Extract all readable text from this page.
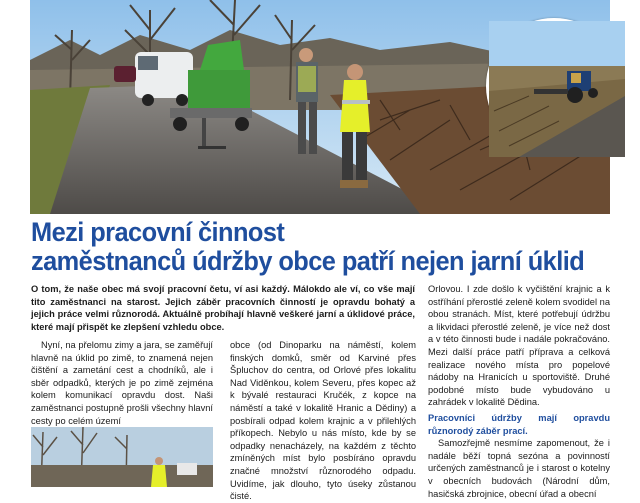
Mezi pracovní činnost
zaměstnanců údržby obce patří nejen jarní úklid

O tom, že naše obec má svojí pracovní četu, ví asi každý. Málokdo ale ví, co vše mají tito zaměstnanci na starost. Jejich záběr pracovních činností je opravdu bohatý a jejich práce velmi různorodá. Aktuálně probíhají hlavně veškeré jarní a úklidové práce, které mají přispět ke zlepšení vzhledu obce.

Nyní, na přelomu zimy a jara, se zaměřují hlavně na úklid po zimě, to znamená nejen čištění a zametání cest a chodníků, ale i sběr odpadků, kterých je po zimě zejména kolem komunikací opravdu dost. Naši zaměstnanci postupně prošli všechny hlavní cesty po celém území

obce (od Dinoparku na náměstí, kolem finských domků, směr od Karviné přes Špluchov do centra, od Orlové přes lokalitu Nad Viděnkou, kolem Severu, přes kopec až k bývalé restauraci Kručék, z kopce na náměstí a také v lokalitě Hranic a Dědiny) a posbírali odpad kolem krajnic a v přilehlých příkopech. Nebylo u nás místo, kde by se odpadky nenacházely, na každém z těchto zmíněných míst bylo posbíráno opravdu značné množství různorodého odpadu. Uvidíme, jak dlouho, tyto úseky zůstanou čisté.

Orlovou. I zde došlo k vyčištění krajnic a k ostříhání přerostlé zeleně kolem svodidel na obou stranách. Míst, které potřebují údržbu a likvidaci přerostlé zeleně, je více než dost a v této činnosti bude i nadále pokračováno. Mezi další práce patří příprava a celková realizace nového místa pro popelové nádoby na Hranicích u sportoviště. Druhé podobné místo bude vybudováno u zahrádek v lokalitě Dědina.

Pracovníci údržby mají opravdu různorodý záběr prací.

Samozřejmě nesmíme zapomenout, že i nadále běží topná sezóna a povinností určených zaměstnanců je i starost o kotelny v obecních budovách (Národní dům, hasičská zbrojnice, obecní úřad a obecní
